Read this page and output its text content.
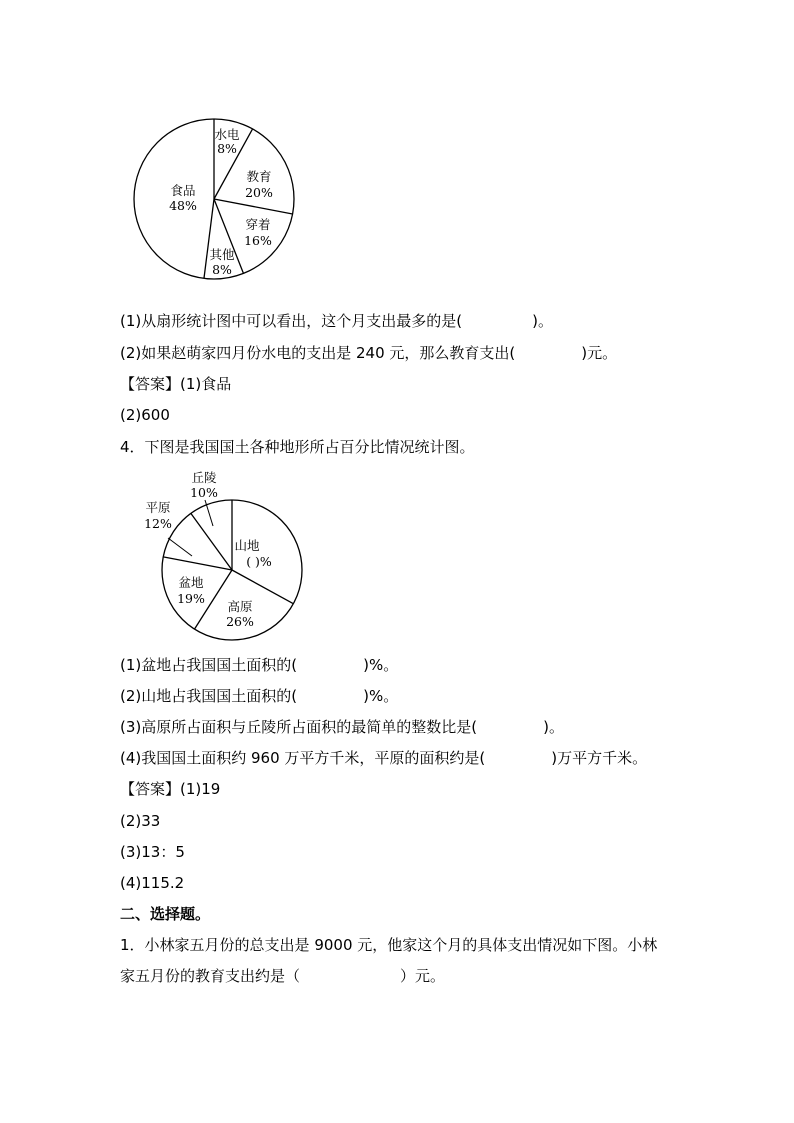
水电
8%
教育
20%
穿着
16%
其他
8%
食品
48%
(1)从扇形统计图中可以看出，这个月支出最多的是(	)。
(2)如果赵萌家四月份水电的支出是 240 元，那么教育支出(	)元。
【答案】(1)食品
(2)600
4．下图是我国国土各种地形所占百分比情况统计图。
丘陵
10%
平原
12%
山地
( )%
盆地
19%
高原
26%
(1)盆地占我国国土面积的(	)%。
(2)山地占我国国土面积的(	)%。
(3)高原所占面积与丘陵所占面积的最简单的整数比是(	)。
(4)我国国土面积约 960 万平方千米，平原的面积约是(	)万平方千米。
【答案】(1)19
(2)33
(3)13：5
(4)115.2
二、选择题。
1．小林家五月份的总支出是 9000 元，他家这个月的具体支出情况如下图。小林
家五月份的教育支出约是（	）元。
